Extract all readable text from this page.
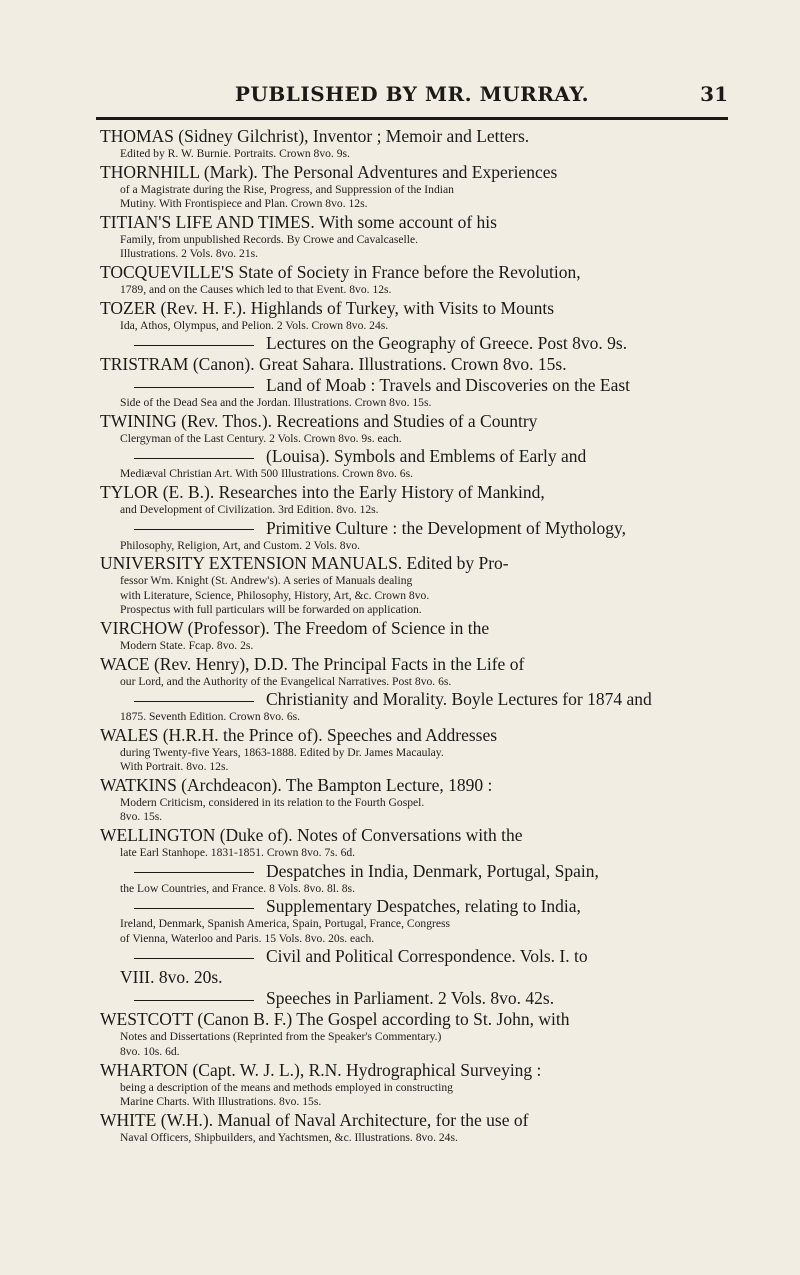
PUBLISHED BY MR. MURRAY.	31
THOMAS (Sidney Gilchrist), Inventor ; Memoir and Letters.
Edited by R. W. Burnie. Portraits. Crown 8vo. 9s.
THORNHILL (Mark). The Personal Adventures and Experiences
of a Magistrate during the Rise, Progress, and Suppression of the Indian
Mutiny. With Frontispiece and Plan. Crown 8vo. 12s.
TITIAN'S LIFE AND TIMES. With some account of his
Family, from unpublished Records. By Crowe and Cavalcaselle.
Illustrations. 2 Vols. 8vo. 21s.
TOCQUEVILLE'S State of Society in France before the Revolution,
1789, and on the Causes which led to that Event. 8vo. 12s.
TOZER (Rev. H. F.). Highlands of Turkey, with Visits to Mounts
Ida, Athos, Olympus, and Pelion. 2 Vols. Crown 8vo. 24s.
Lectures on the Geography of Greece. Post 8vo. 9s.
TRISTRAM (Canon). Great Sahara. Illustrations. Crown 8vo. 15s.
Land of Moab : Travels and Discoveries on the East
Side of the Dead Sea and the Jordan. Illustrations. Crown 8vo. 15s.
TWINING (Rev. Thos.). Recreations and Studies of a Country
Clergyman of the Last Century. 2 Vols. Crown 8vo. 9s. each.
(Louisa). Symbols and Emblems of Early and
Mediæval Christian Art. With 500 Illustrations. Crown 8vo. 6s.
TYLOR (E. B.). Researches into the Early History of Mankind,
and Development of Civilization. 3rd Edition. 8vo. 12s.
Primitive Culture : the Development of Mythology,
Philosophy, Religion, Art, and Custom. 2 Vols. 8vo.
UNIVERSITY EXTENSION MANUALS. Edited by Pro-
fessor Wm. Knight (St. Andrew's). A series of Manuals dealing
with Literature, Science, Philosophy, History, Art, &c. Crown 8vo.
Prospectus with full particulars will be forwarded on application.
VIRCHOW (Professor). The Freedom of Science in the
Modern State. Fcap. 8vo. 2s.
WACE (Rev. Henry), D.D. The Principal Facts in the Life of
our Lord, and the Authority of the Evangelical Narratives. Post 8vo. 6s.
Christianity and Morality. Boyle Lectures for 1874 and
1875. Seventh Edition. Crown 8vo. 6s.
WALES (H.R.H. the Prince of). Speeches and Addresses
during Twenty-five Years, 1863-1888. Edited by Dr. James Macaulay.
With Portrait. 8vo. 12s.
WATKINS (Archdeacon). The Bampton Lecture, 1890 :
Modern Criticism, considered in its relation to the Fourth Gospel.
8vo. 15s.
WELLINGTON (Duke of). Notes of Conversations with the
late Earl Stanhope. 1831-1851. Crown 8vo. 7s. 6d.
Despatches in India, Denmark, Portugal, Spain,
the Low Countries, and France. 8 Vols. 8vo. 8l. 8s.
Supplementary Despatches, relating to India,
Ireland, Denmark, Spanish America, Spain, Portugal, France, Congress
of Vienna, Waterloo and Paris. 15 Vols. 8vo. 20s. each.
Civil and Political Correspondence. Vols. I. to
VIII. 8vo. 20s.
Speeches in Parliament. 2 Vols. 8vo. 42s.
WESTCOTT (Canon B. F.) The Gospel according to St. John, with
Notes and Dissertations (Reprinted from the Speaker's Commentary.)
8vo. 10s. 6d.
WHARTON (Capt. W. J. L.), R.N. Hydrographical Surveying :
being a description of the means and methods employed in constructing
Marine Charts. With Illustrations. 8vo. 15s.
WHITE (W.H.). Manual of Naval Architecture, for the use of
Naval Officers, Shipbuilders, and Yachtsmen, &c. Illustrations. 8vo. 24s.
